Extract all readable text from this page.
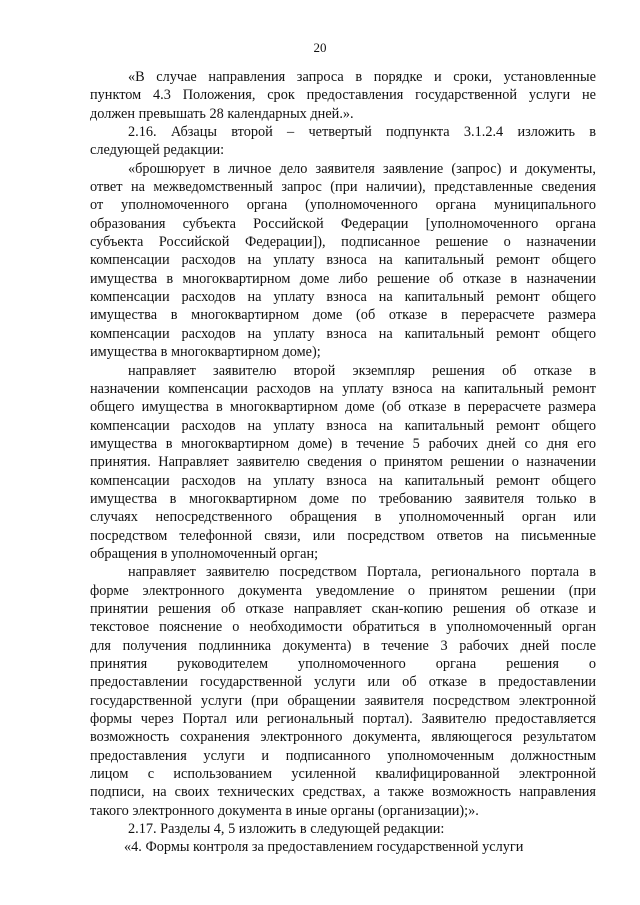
20
«В случае направления запроса в порядке и сроки, установленные
пунктом 4.3 Положения, срок предоставления государственной услуги не
должен превышать 28 календарных дней.».
2.16. Абзацы второй – четвертый подпункта 3.1.2.4 изложить в
следующей редакции:
«брошюрует в личное дело заявителя заявление (запрос) и документы,
ответ на межведомственный запрос (при наличии), представленные сведения
от уполномоченного органа (уполномоченного органа муниципального
образования субъекта Российской Федерации [уполномоченного органа
субъекта Российской Федерации]), подписанное решение о назначении
компенсации расходов на уплату взноса на капитальный ремонт общего
имущества в многоквартирном доме либо решение об отказе в назначении
компенсации расходов на уплату взноса на капитальный ремонт общего
имущества в многоквартирном доме (об отказе в перерасчете размера
компенсации расходов на уплату взноса на капитальный ремонт общего
имущества в многоквартирном доме);
направляет заявителю второй экземпляр решения об отказе в
назначении компенсации расходов на уплату взноса на капитальный ремонт
общего имущества в многоквартирном доме (об отказе в перерасчете размера
компенсации расходов на уплату взноса на капитальный ремонт общего
имущества в многоквартирном доме) в течение 5 рабочих дней со дня его
принятия. Направляет заявителю сведения о принятом решении о назначении
компенсации расходов на уплату взноса на капитальный ремонт общего
имущества в многоквартирном доме по требованию заявителя только в
случаях непосредственного обращения в уполномоченный орган или
посредством телефонной связи, или посредством ответов на письменные
обращения в уполномоченный орган;
направляет заявителю посредством Портала, регионального портала в
форме электронного документа уведомление о принятом решении (при
принятии решения об отказе направляет скан-копию решения об отказе и
текстовое пояснение о необходимости обратиться в уполномоченный орган
для получения подлинника документа) в течение 3 рабочих дней после
принятия руководителем уполномоченного органа решения о
предоставлении государственной услуги или об отказе в предоставлении
государственной услуги (при обращении заявителя посредством электронной
формы через Портал или региональный портал). Заявителю предоставляется
возможность сохранения электронного документа, являющегося результатом
предоставления услуги и подписанного уполномоченным должностным
лицом с использованием усиленной квалифицированной электронной
подписи, на своих технических средствах, а также возможность направления
такого электронного документа в иные органы (организации);».
2.17. Разделы 4, 5 изложить в следующей редакции:
«4. Формы контроля за предоставлением государственной услуги
